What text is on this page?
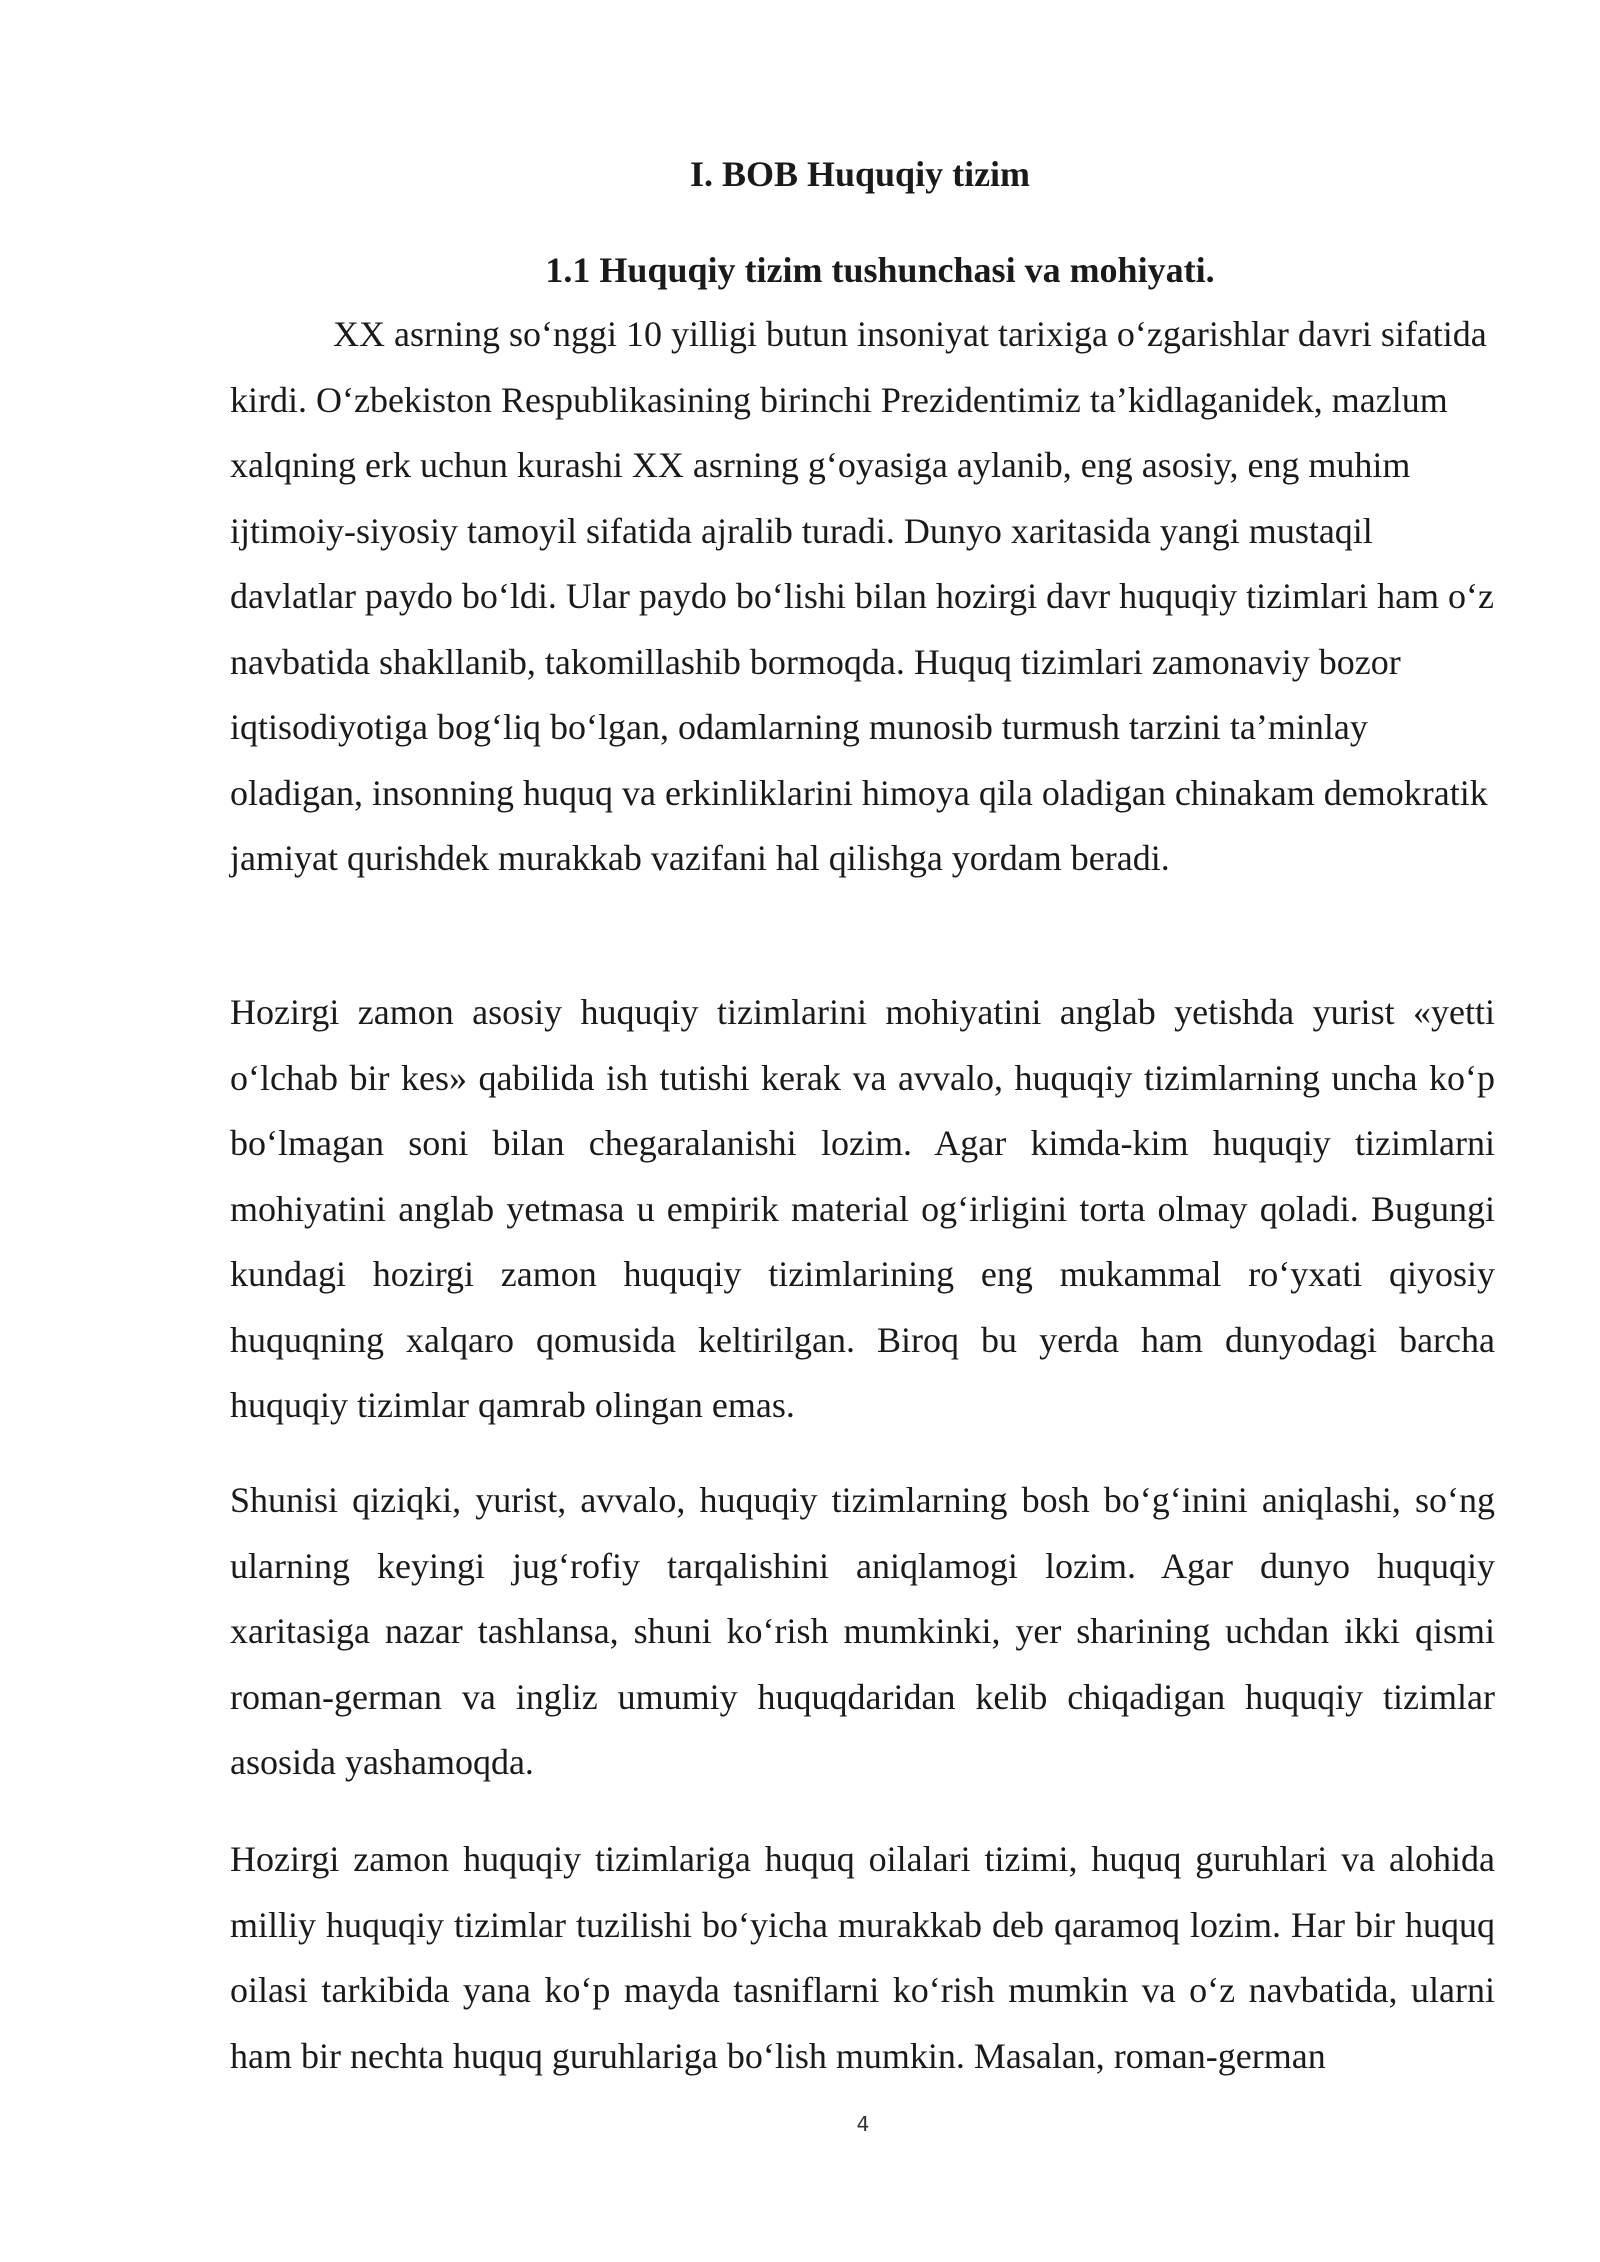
I. BOB Huquqiy tizim
1.1 Huquqiy tizim tushunchasi va mohiyati.

XX asrning so‘nggi 10 yilligi butun insoniyat tarixiga o‘zgarishlar davri sifatida kirdi. O‘zbekiston Respublikasining birinchi Prezidentimiz ta’kidlaganidek, mazlum xalqning erk uchun kurashi XX asrning g‘oyasiga aylanib, eng asosiy, eng muhim ijtimoiy-siyosiy tamoyil sifatida ajralib turadi. Dunyo xaritasida yangi mustaqil davlatlar paydo bo‘ldi. Ular paydo bo‘lishi bilan hozirgi davr huquqiy tizimlari ham o‘z navbatida shakllanib, takomillashib bormoqda. Huquq tizimlari zamonaviy bozor iqtisodiyotiga bog‘liq bo‘lgan, odamlarning munosib turmush tarzini ta’minlay oladigan, insonning huquq va erkinliklarini himoya qila oladigan chinakam demokratik jamiyat qurishdek murakkab vazifani hal qilishga yordam beradi.

Hozirgi zamon asosiy huquqiy tizimlarini mohiyatini anglab yetishda yurist «yetti o‘lchab bir kes» qabilida ish tutishi kerak va avvalo, huquqiy tizimlarning uncha ko‘p bo‘lmagan soni bilan chegaralanishi lozim. Agar kimda-kim huquqiy tizimlarni mohiyatini anglab yetmasa u empirik material og‘irligini torta olmay qoladi. Bugungi kundagi hozirgi zamon huquqiy tizimlarining eng mukammal ro‘yxati qiyosiy huquqning xalqaro qomusida keltirilgan. Biroq bu yerda ham dunyodagi barcha huquqiy tizimlar qamrab olingan emas.

Shunisi qiziqki, yurist, avvalo, huquqiy tizimlarning bosh bo‘g‘inini aniqlashi, so‘ng ularning keyingi jug‘rofiy tarqalishini aniqlamogi lozim. Agar dunyo huquqiy xaritasiga nazar tashlansa, shuni ko‘rish mumkinki, yer sharining uchdan ikki qismi roman-german va ingliz umumiy huquqdaridan kelib chiqadigan huquqiy tizimlar asosida yashamoqda.

Hozirgi zamon huquqiy tizimlariga huquq oilalari tizimi, huquq guruhlari va alohida milliy huquqiy tizimlar tuzilishi bo‘yicha murakkab deb qaramoq lozim. Har bir huquq oilasi tarkibida yana ko‘p mayda tasniflarni ko‘rish mumkin va o‘z navbatida, ularni ham bir nechta huquq guruhlariga bo‘lish mumkin. Masalan, roman-german

4
